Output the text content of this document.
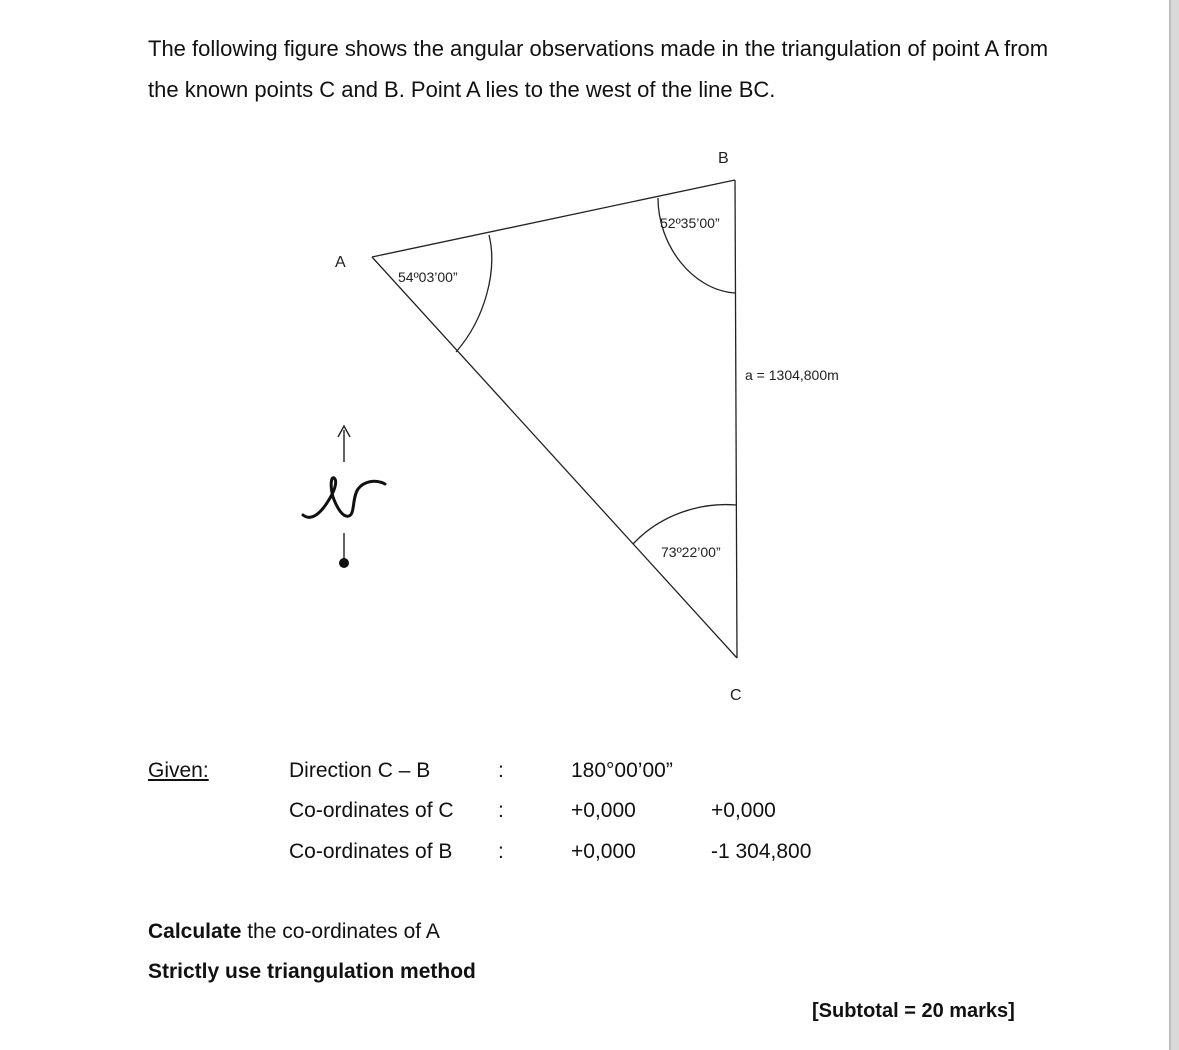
The following figure shows the angular observations made in the triangulation of point A from

the known points C and B. Point A lies to the west of the line BC.

A
B
C
54º03’00”
52º35’00”
73º22’00”
a = 1304,800m
Given:	Direction C – B	:	180°00’00”
Co-ordinates of C :	+0,000	+0,000
Co-ordinates of B :	+0,000	-1 304,800
Calculate the co-ordinates of A
Strictly use triangulation method
[Subtotal = 20 marks]
